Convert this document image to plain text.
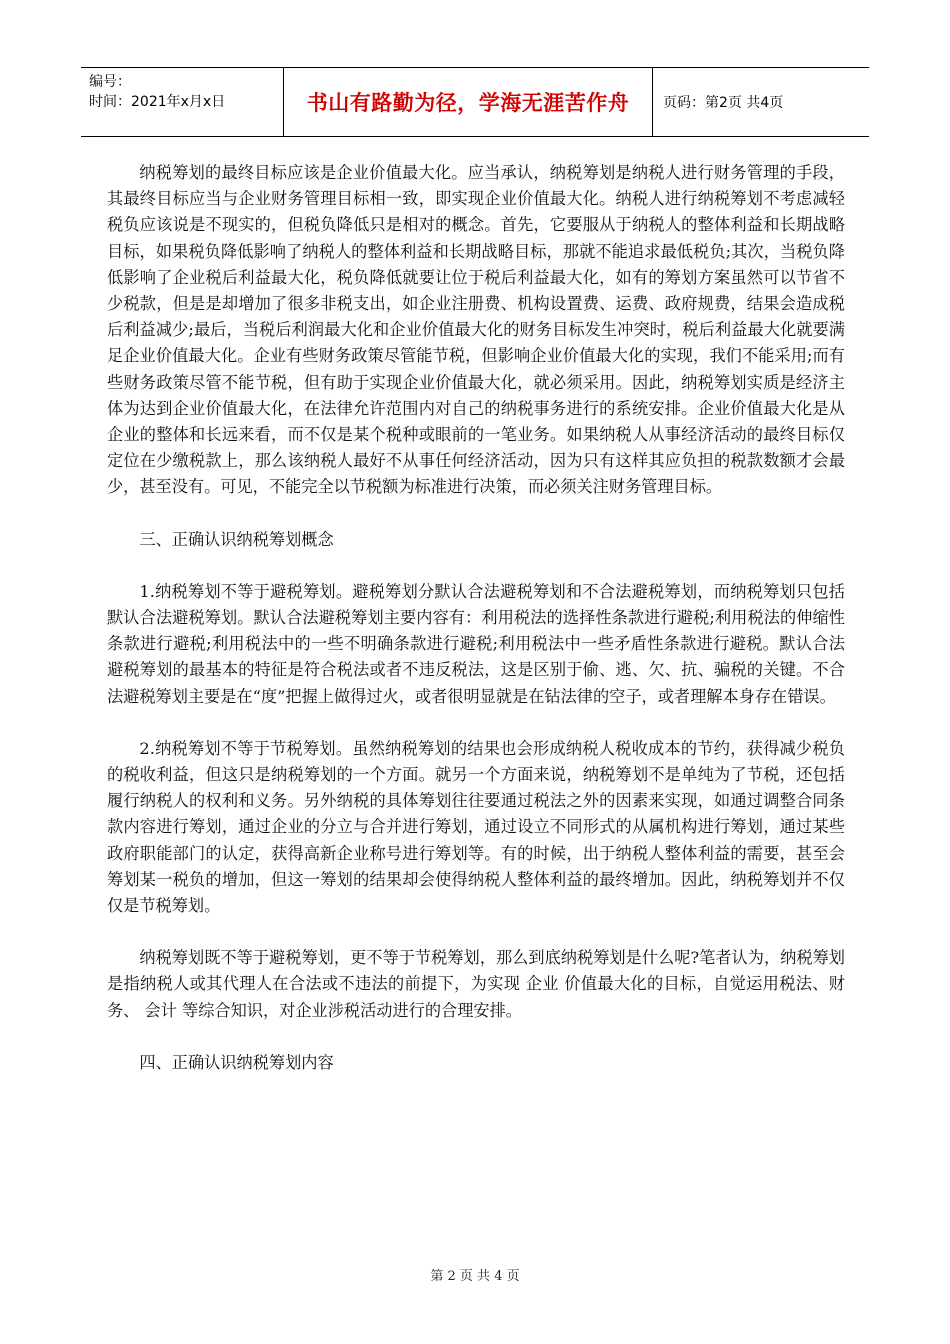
编号：
时间：2021年x月x日	书山有路勤为径，学海无涯苦作舟	页码：第2页 共4页

纳税筹划的最终目标应该是企业价值最大化。应当承认，纳税筹划是纳税人进行财务管理的手段，其最终目标应当与企业财务管理目标相一致，即实现企业价值最大化。纳税人进行纳税筹划不考虑减轻税负应该说是不现实的，但税负降低只是相对的概念。首先，它要服从于纳税人的整体利益和长期战略目标，如果税负降低影响了纳税人的整体利益和长期战略目标，那就不能追求最低税负;其次，当税负降低影响了企业税后利益最大化，税负降低就要让位于税后利益最大化，如有的筹划方案虽然可以节省不少税款，但是是却增加了很多非税支出，如企业注册费、机构设置费、运费、政府规费，结果会造成税后利益减少;最后，当税后利润最大化和企业价值最大化的财务目标发生冲突时，税后利益最大化就要满足企业价值最大化。企业有些财务政策尽管能节税，但影响企业价值最大化的实现，我们不能采用;而有些财务政策尽管不能节税，但有助于实现企业价值最大化，就必须采用。因此，纳税筹划实质是经济主体为达到企业价值最大化，在法律允许范围内对自己的纳税事务进行的系统安排。企业价值最大化是从企业的整体和长远来看，而不仅是某个税种或眼前的一笔业务。如果纳税人从事经济活动的最终目标仅定位在少缴税款上，那么该纳税人最好不从事任何经济活动，因为只有这样其应负担的税款数额才会最少，甚至没有。可见，不能完全以节税额为标准进行决策，而必须关注财务管理目标。

三、正确认识纳税筹划概念

1.纳税筹划不等于避税筹划。避税筹划分默认合法避税筹划和不合法避税筹划，而纳税筹划只包括默认合法避税筹划。默认合法避税筹划主要内容有：利用税法的选择性条款进行避税;利用税法的伸缩性条款进行避税;利用税法中的一些不明确条款进行避税;利用税法中一些矛盾性条款进行避税。默认合法避税筹划的最基本的特征是符合税法或者不违反税法，这是区别于偷、逃、欠、抗、骗税的关键。不合法避税筹划主要是在“度”把握上做得过火，或者很明显就是在钻法律的空子，或者理解本身存在错误。

2.纳税筹划不等于节税筹划。虽然纳税筹划的结果也会形成纳税人税收成本的节约，获得减少税负的税收利益，但这只是纳税筹划的一个方面。就另一个方面来说，纳税筹划不是单纯为了节税，还包括履行纳税人的权利和义务。另外纳税的具体筹划往往要通过税法之外的因素来实现，如通过调整合同条款内容进行筹划，通过企业的分立与合并进行筹划，通过设立不同形式的从属机构进行筹划，通过某些政府职能部门的认定，获得高新企业称号进行筹划等。有的时候，出于纳税人整体利益的需要，甚至会筹划某一税负的增加，但这一筹划的结果却会使得纳税人整体利益的最终增加。因此，纳税筹划并不仅仅是节税筹划。

纳税筹划既不等于避税筹划，更不等于节税筹划，那么到底纳税筹划是什么呢?笔者认为，纳税筹划是指纳税人或其代理人在合法或不违法的前提下，为实现 企业 价值最大化的目标，自觉运用税法、财务、 会计 等综合知识，对企业涉税活动进行的合理安排。

四、正确认识纳税筹划内容

第 2 页 共 4 页
